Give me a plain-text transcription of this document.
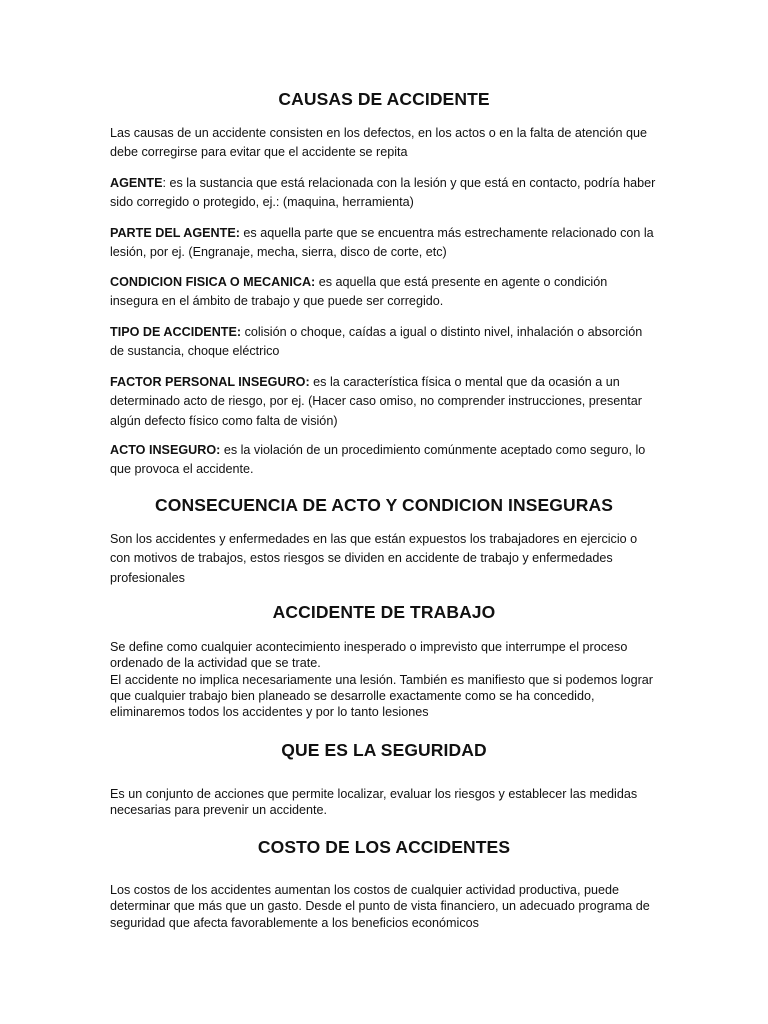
CAUSAS DE ACCIDENTE

Las causas de un accidente consisten en los defectos, en los actos o en la falta de atención que debe corregirse para evitar que el accidente se repita

AGENTE: es la sustancia que está relacionada con la lesión y que está en contacto, podría haber sido corregido o protegido, ej.: (maquina, herramienta)

PARTE DEL AGENTE: es aquella parte que se encuentra más estrechamente relacionado con la lesión, por ej. (Engranaje, mecha, sierra, disco de corte, etc)

CONDICION FISICA O MECANICA: es aquella que está presente en agente o condición insegura en el ámbito de trabajo y que puede ser corregido.

TIPO DE ACCIDENTE: colisión o choque, caídas a igual o distinto nivel, inhalación o absorción de sustancia, choque eléctrico

FACTOR PERSONAL INSEGURO: es la característica física o mental que da ocasión a un determinado acto de riesgo, por ej. (Hacer caso omiso, no comprender instrucciones, presentar algún defecto físico como falta de visión)

ACTO INSEGURO: es la violación de un procedimiento comúnmente aceptado como seguro, lo que provoca el accidente.

CONSECUENCIA DE ACTO Y CONDICION INSEGURAS

Son los accidentes y enfermedades en las que están expuestos los trabajadores en ejercicio o con motivos de trabajos, estos riesgos se dividen en accidente de trabajo y enfermedades profesionales

ACCIDENTE DE TRABAJO
Se define como cualquier acontecimiento inesperado o imprevisto que interrumpe el proceso ordenado de la actividad que se trate.
El accidente no implica necesariamente una lesión. También es manifiesto que si podemos lograr que cualquier trabajo bien planeado se desarrolle exactamente como se ha concedido, eliminaremos todos los accidentes y por lo tanto lesiones
QUE ES LA SEGURIDAD

Es un conjunto de acciones que permite localizar, evaluar los riesgos y establecer las medidas necesarias para prevenir un accidente.

COSTO DE LOS ACCIDENTES

Los costos de los accidentes aumentan los costos de cualquier actividad productiva, puede determinar que más que un gasto. Desde el punto de vista financiero, un adecuado programa de seguridad que afecta favorablemente a los beneficios económicos
